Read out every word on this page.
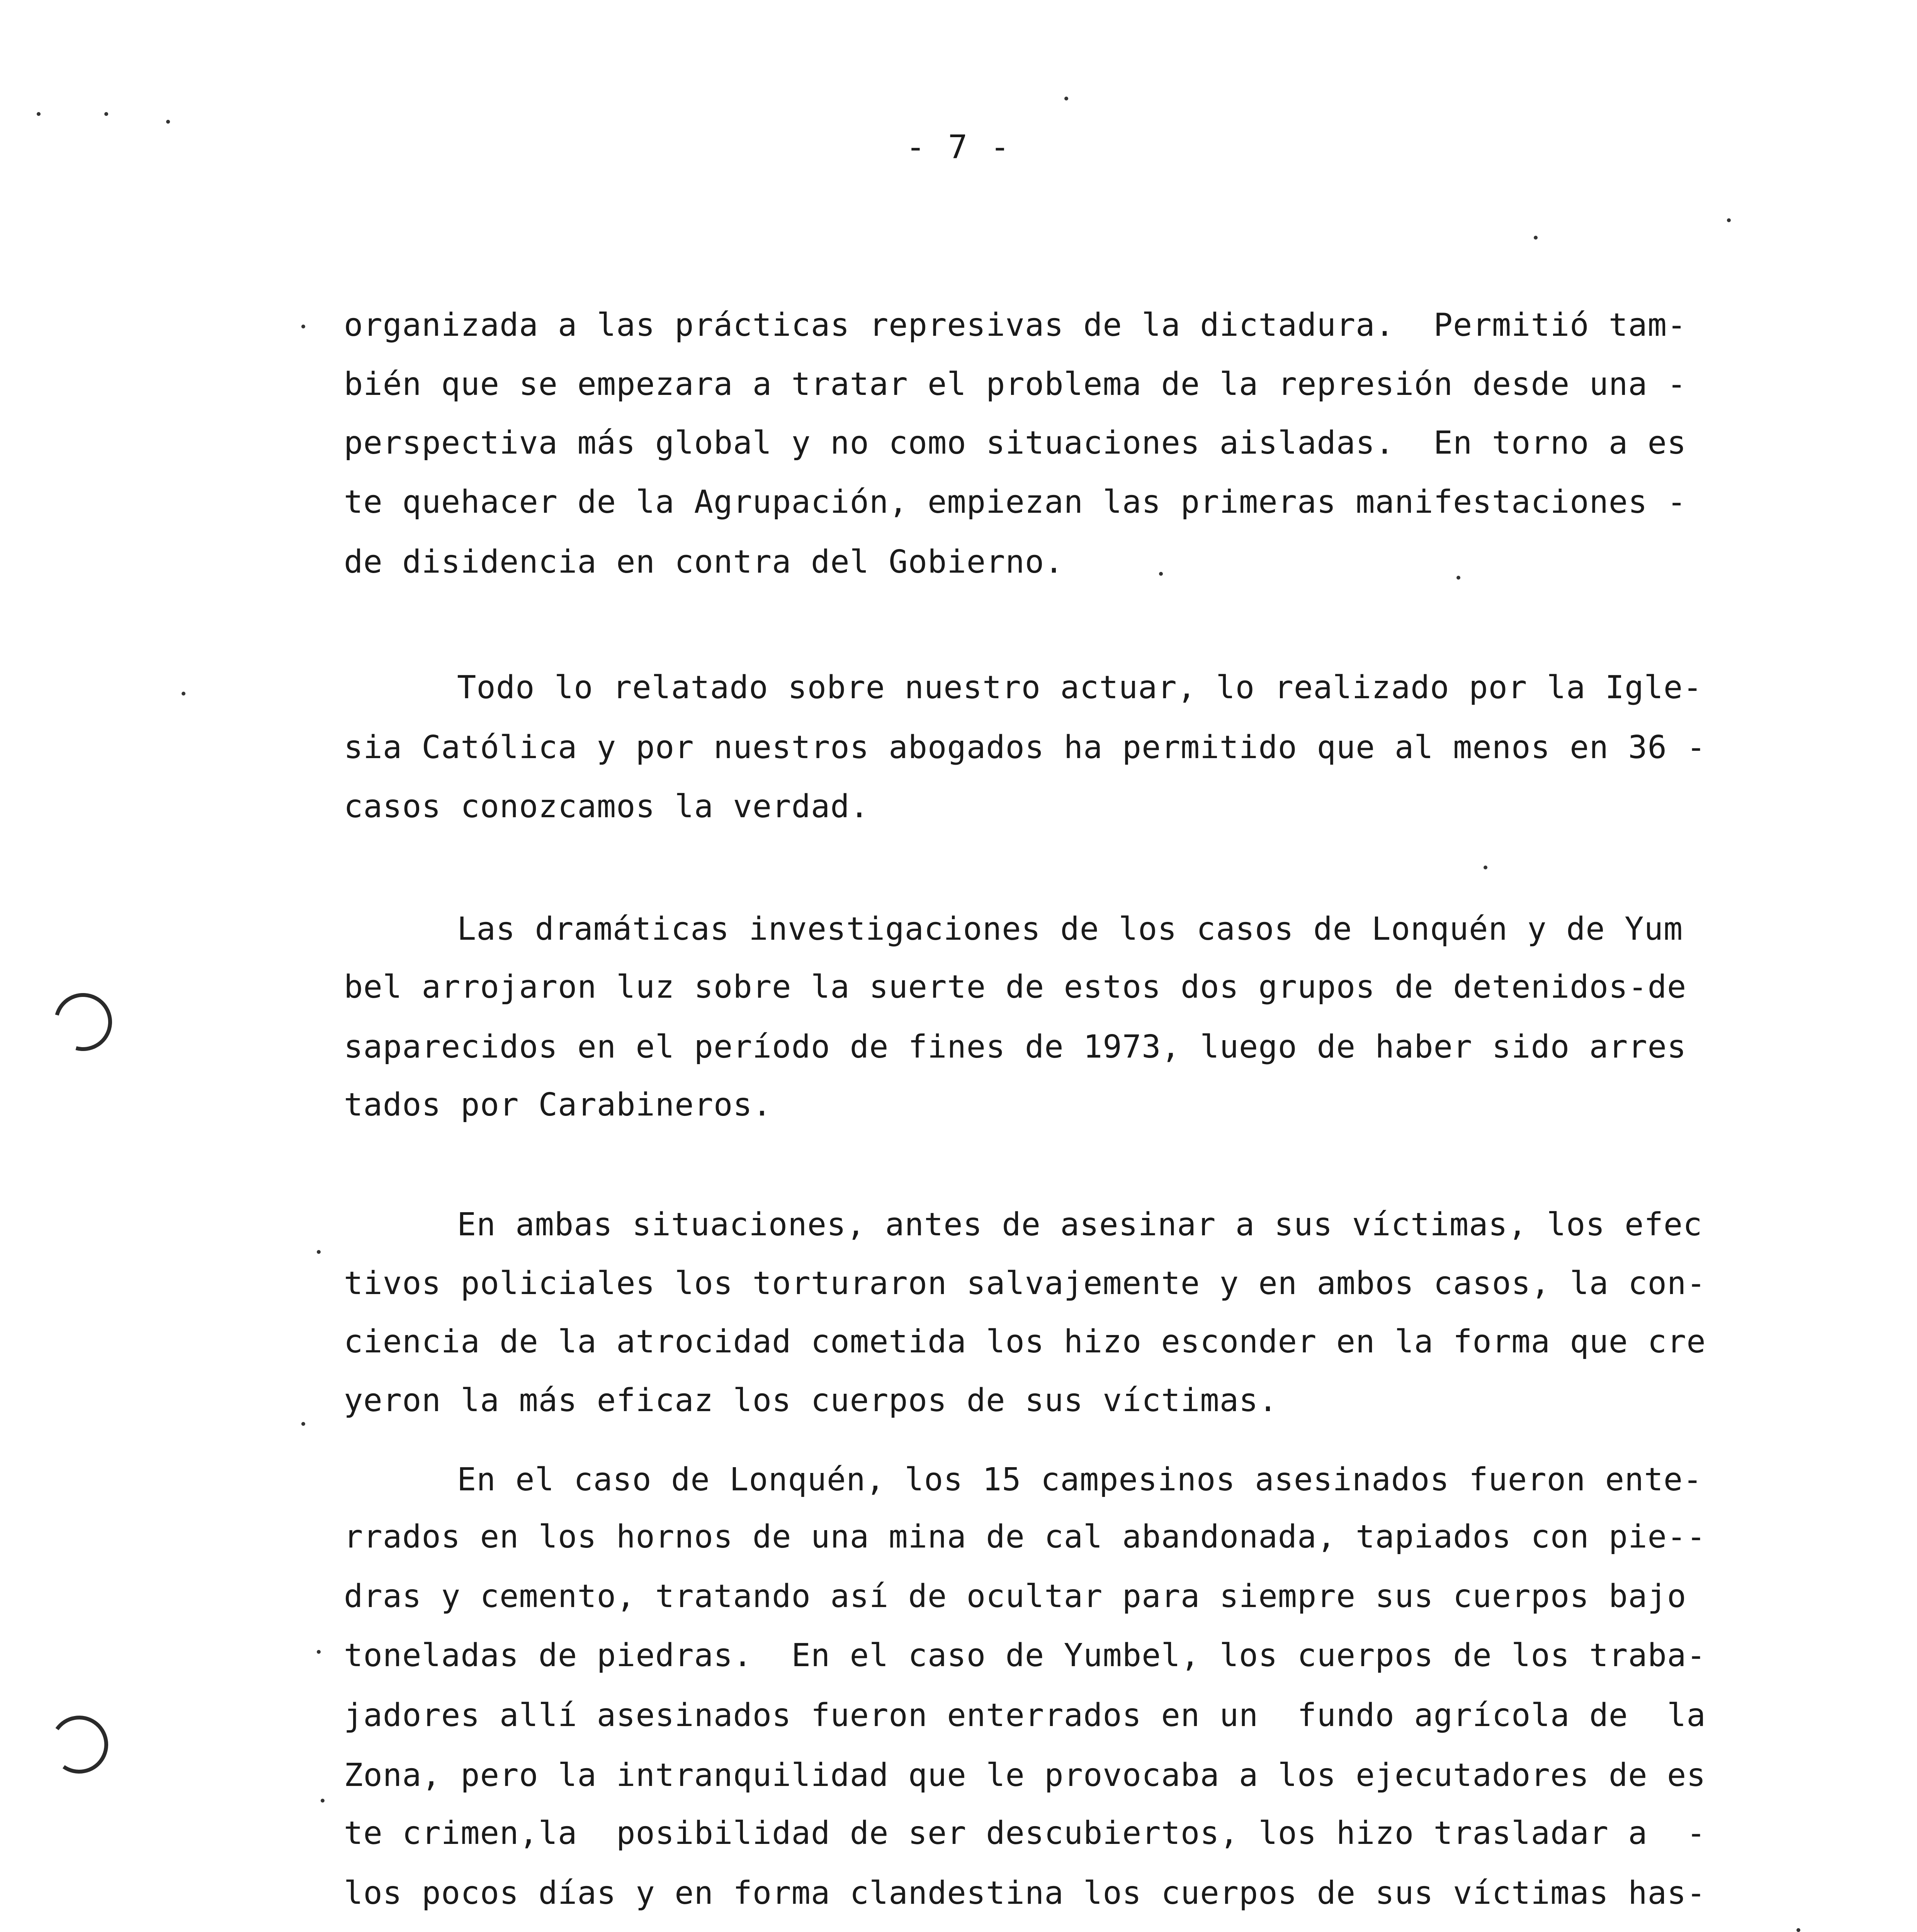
- 7 -
organizada a las prácticas represivas de la dictadura.  Permitió tam-
bién que se empezara a tratar el problema de la represión desde una -
perspectiva más global y no como situaciones aisladas.  En torno a es
te quehacer de la Agrupación, empiezan las primeras manifestaciones -
de disidencia en contra del Gobierno.
Todo lo relatado sobre nuestro actuar, lo realizado por la Igle-
sia Católica y por nuestros abogados ha permitido que al menos en 36 -
casos conozcamos la verdad.
Las dramáticas investigaciones de los casos de Lonquén y de Yum
bel arrojaron luz sobre la suerte de estos dos grupos de detenidos-de
saparecidos en el período de fines de 1973, luego de haber sido arres
tados por Carabineros.
En ambas situaciones, antes de asesinar a sus víctimas, los efec
tivos policiales los torturaron salvajemente y en ambos casos, la con-
ciencia de la atrocidad cometida los hizo esconder en la forma que cre
yeron la más eficaz los cuerpos de sus víctimas.
En el caso de Lonquén, los 15 campesinos asesinados fueron ente-
rrados en los hornos de una mina de cal abandonada, tapiados con pie--
dras y cemento, tratando así de ocultar para siempre sus cuerpos bajo
toneladas de piedras.  En el caso de Yumbel, los cuerpos de los traba-
jadores allí asesinados fueron enterrados en un  fundo agrícola de  la
Zona, pero la intranquilidad que le provocaba a los ejecutadores de es
te crimen,la  posibilidad de ser descubiertos, los hizo trasladar a  -
los pocos días y en forma clandestina los cuerpos de sus víctimas has-
